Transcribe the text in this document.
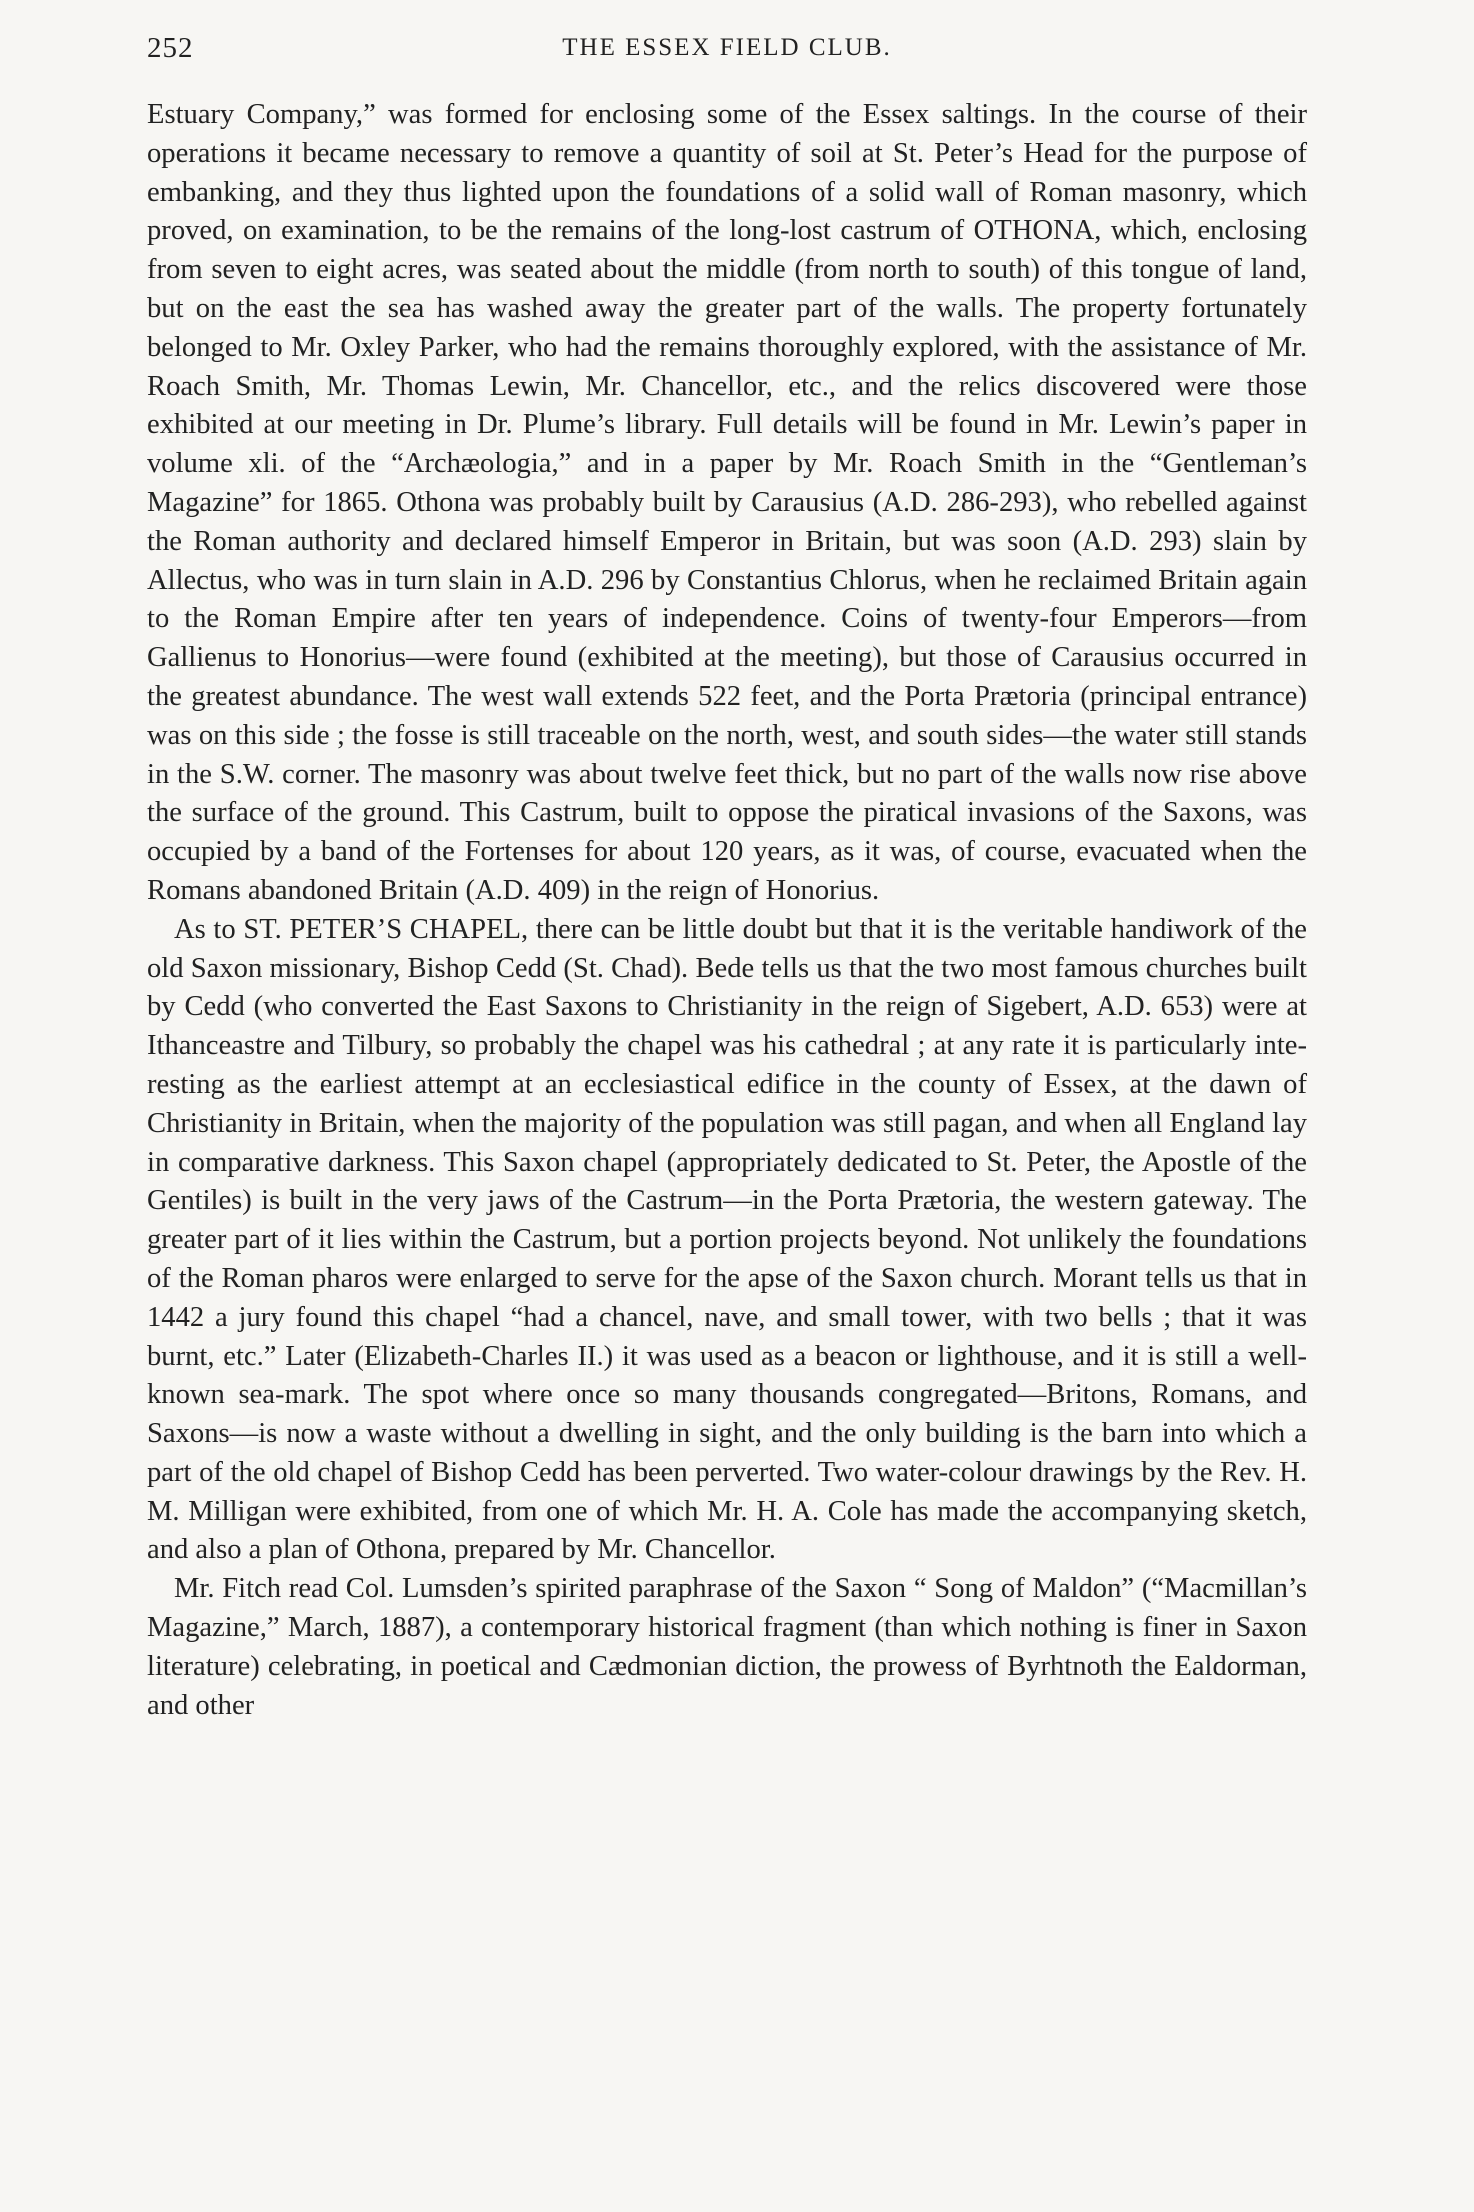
252	THE ESSEX FIELD CLUB.

Estuary Company,” was formed for enclosing some of the Essex saltings. In the course of their operations it became necessary to remove a quantity of soil at St. Peter’s Head for the purpose of embanking, and they thus lighted upon the foundations of a solid wall of Roman masonry, which proved, on examination, to be the remains of the long-lost castrum of OTHONA, which, enclosing from seven to eight acres, was seated about the middle (from north to south) of this tongue of land, but on the east the sea has washed away the greater part of the walls. The property fortunately belonged to Mr. Oxley Parker, who had the remains thoroughly explored, with the assistance of Mr. Roach Smith, Mr. Thomas Lewin, Mr. Chancellor, etc., and the relics discovered were those exhibited at our meeting in Dr. Plume’s library. Full details will be found in Mr. Lewin’s paper in volume xli. of the “Archæologia,” and in a paper by Mr. Roach Smith in the “Gentleman’s Magazine” for 1865. Othona was probably built by Carausius (A.D. 286-293), who rebelled against the Roman authority and declared himself Emperor in Britain, but was soon (A.D. 293) slain by Allectus, who was in turn slain in A.D. 296 by Constantius Chlorus, when he reclaimed Britain again to the Roman Empire after ten years of independence. Coins of twenty-four Emperors—from Gallienus to Honorius—were found (exhibited at the meeting), but those of Carausius occurred in the greatest abundance. The west wall extends 522 feet, and the Porta Prætoria (principal entrance) was on this side ; the fosse is still traceable on the north, west, and south sides—the water still stands in the S.W. corner. The masonry was about twelve feet thick, but no part of the walls now rise above the surface of the ground. This Castrum, built to oppose the piratical invasions of the Saxons, was occupied by a band of the Fortenses for about 120 years, as it was, of course, evacuated when the Romans abandoned Britain (A.D. 409) in the reign of Honorius.

As to ST. PETER’S CHAPEL, there can be little doubt but that it is the veritable handiwork of the old Saxon missionary, Bishop Cedd (St. Chad). Bede tells us that the two most famous churches built by Cedd (who converted the East Saxons to Christianity in the reign of Sigebert, A.D. 653) were at Ithanceastre and Tilbury, so probably the chapel was his cathedral ; at any rate it is particularly interesting as the earliest attempt at an ecclesiastical edifice in the county of Essex, at the dawn of Christianity in Britain, when the majority of the population was still pagan, and when all England lay in comparative darkness. This Saxon chapel (appropriately dedicated to St. Peter, the Apostle of the Gentiles) is built in the very jaws of the Castrum—in the Porta Prætoria, the western gateway. The greater part of it lies within the Castrum, but a portion projects beyond. Not unlikely the foundations of the Roman pharos were enlarged to serve for the apse of the Saxon church. Morant tells us that in 1442 a jury found this chapel “had a chancel, nave, and small tower, with two bells ; that it was burnt, etc.” Later (Elizabeth-Charles II.) it was used as a beacon or lighthouse, and it is still a well-known sea-mark. The spot where once so many thousands congregated—Britons, Romans, and Saxons—is now a waste without a dwelling in sight, and the only building is the barn into which a part of the old chapel of Bishop Cedd has been perverted. Two water-colour drawings by the Rev. H. M. Milligan were exhibited, from one of which Mr. H. A. Cole has made the accompanying sketch, and also a plan of Othona, prepared by Mr. Chancellor.

Mr. Fitch read Col. Lumsden’s spirited paraphrase of the Saxon “ Song of Maldon” (“Macmillan’s Magazine,” March, 1887), a contemporary historical fragment (than which nothing is finer in Saxon literature) celebrating, in poetical and Cædmonian diction, the prowess of Byrhtnoth the Ealdorman, and other
